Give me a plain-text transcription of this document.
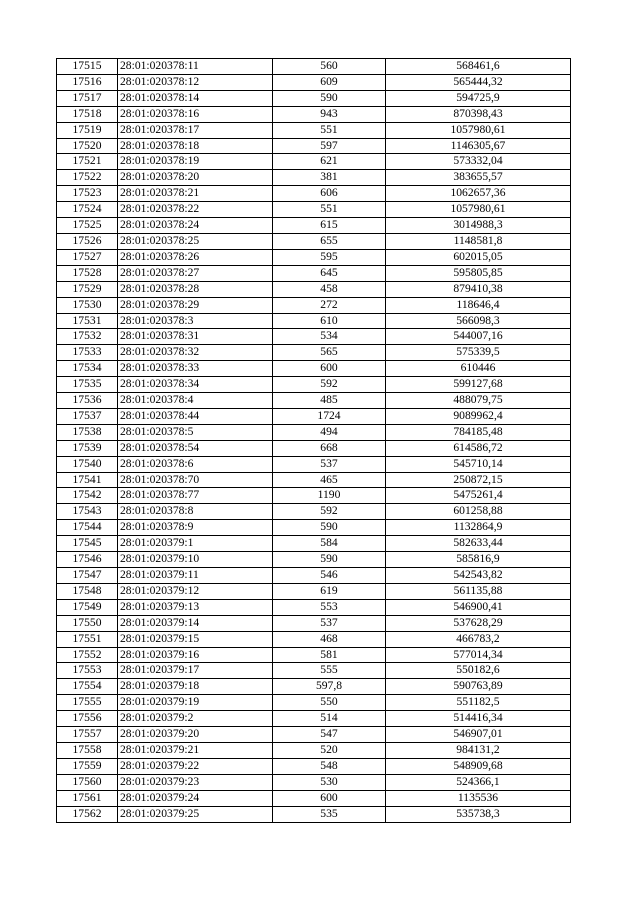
17515	28:01:020378:11	560	568461,6
17516	28:01:020378:12	609	565444,32
17517	28:01:020378:14	590	594725,9
17518	28:01:020378:16	943	870398,43
17519	28:01:020378:17	551	1057980,61
17520	28:01:020378:18	597	1146305,67
17521	28:01:020378:19	621	573332,04
17522	28:01:020378:20	381	383655,57
17523	28:01:020378:21	606	1062657,36
17524	28:01:020378:22	551	1057980,61
17525	28:01:020378:24	615	3014988,3
17526	28:01:020378:25	655	1148581,8
17527	28:01:020378:26	595	602015,05
17528	28:01:020378:27	645	595805,85
17529	28:01:020378:28	458	879410,38
17530	28:01:020378:29	272	118646,4
17531	28:01:020378:3	610	566098,3
17532	28:01:020378:31	534	544007,16
17533	28:01:020378:32	565	575339,5
17534	28:01:020378:33	600	610446
17535	28:01:020378:34	592	599127,68
17536	28:01:020378:4	485	488079,75
17537	28:01:020378:44	1724	9089962,4
17538	28:01:020378:5	494	784185,48
17539	28:01:020378:54	668	614586,72
17540	28:01:020378:6	537	545710,14
17541	28:01:020378:70	465	250872,15
17542	28:01:020378:77	1190	5475261,4
17543	28:01:020378:8	592	601258,88
17544	28:01:020378:9	590	1132864,9
17545	28:01:020379:1	584	582633,44
17546	28:01:020379:10	590	585816,9
17547	28:01:020379:11	546	542543,82
17548	28:01:020379:12	619	561135,88
17549	28:01:020379:13	553	546900,41
17550	28:01:020379:14	537	537628,29
17551	28:01:020379:15	468	466783,2
17552	28:01:020379:16	581	577014,34
17553	28:01:020379:17	555	550182,6
17554	28:01:020379:18	597,8	590763,89
17555	28:01:020379:19	550	551182,5
17556	28:01:020379:2	514	514416,34
17557	28:01:020379:20	547	546907,01
17558	28:01:020379:21	520	984131,2
17559	28:01:020379:22	548	548909,68
17560	28:01:020379:23	530	524366,1
17561	28:01:020379:24	600	1135536
17562	28:01:020379:25	535	535738,3
